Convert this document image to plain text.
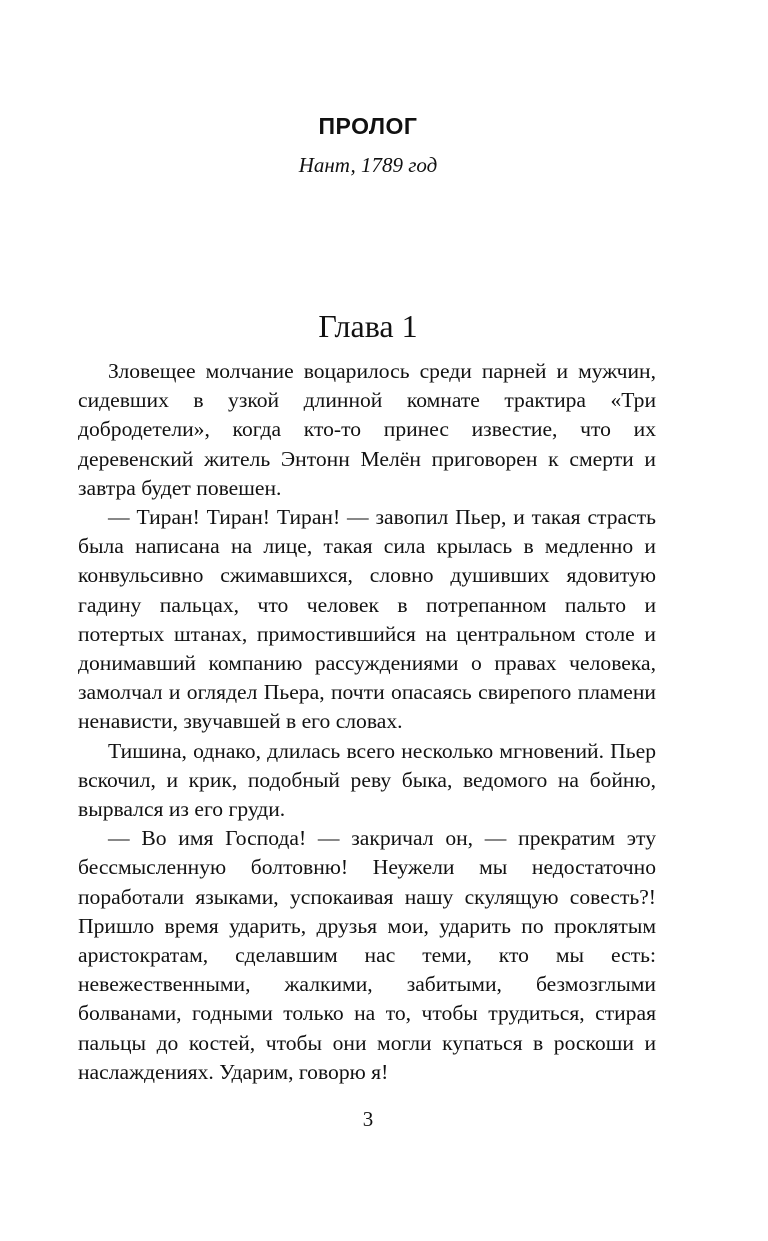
ПРОЛОГ
Нант, 1789 год
Глава 1

Зловещее молчание воцарилось среди парней и мужчин, сидевших в узкой длинной комнате трактира «Три добродетели», когда кто-то принес известие, что их деревенский житель Энтонн Мелён приговорен к смерти и завтра будет повешен.

— Тиран! Тиран! Тиран! — завопил Пьер, и такая страсть была написана на лице, такая сила крылась в медленно и конвульсивно сжимавшихся, словно душивших ядовитую гадину пальцах, что человек в потрепанном пальто и потертых штанах, примостившийся на центральном столе и донимавший компанию рассуждениями о правах человека, замолчал и оглядел Пьера, почти опасаясь свирепого пламени ненависти, звучавшей в его словах.

Тишина, однако, длилась всего несколько мгновений. Пьер вскочил, и крик, подобный реву быка, ведомого на бойню, вырвался из его груди.

— Во имя Господа! — закричал он, — прекратим эту бессмысленную болтовню! Неужели мы недостаточно поработали языками, успокаивая нашу скулящую совесть?! Пришло время ударить, друзья мои, ударить по проклятым аристократам, сделавшим нас теми, кто мы есть: невежественными, жалкими, забитыми, безмозглыми болванами, годными только на то, чтобы трудиться, стирая пальцы до костей, чтобы они могли купаться в роскоши и наслаждениях. Ударим, говорю я!

3
